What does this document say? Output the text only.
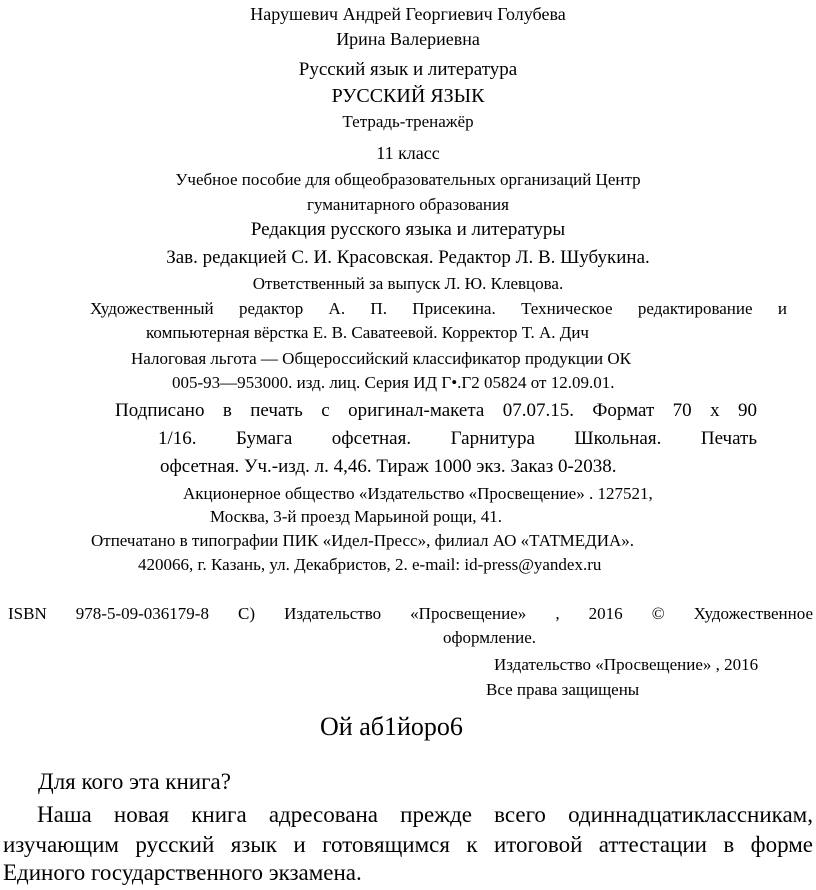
Нарушевич Андрей Георгиевич Голубева
Ирина Валериевна
Русский язык и литература
РУССКИЙ ЯЗЫК
Тетрадь-тренажёр
11 класс
Учебное пособие для общеобразовательных организаций Центр
гуманитарного образования
Редакция русского языка и литературы
Зав. редакцией С. И. Красовская. Редактор Л. В. Шубукина.
Ответственный за выпуск Л. Ю. Клевцова.
Художественный редактор А. П. Присекина. Техническое редактирование и
компьютерная вёрстка Е. В. Саватеевой. Корректор Т. А. Дич
Налоговая льгота — Общероссийский классификатор продукции ОК
005-93—953000. изд. лиц. Серия ИД Г•.Г2 05824 от 12.09.01.
Подписано в печать с оригинал-макета 07.07.15. Формат 70 х 90
1/16. Бумага офсетная. Гарнитура Школьная. Печать
офсетная. Уч.-изд. л. 4,46. Тираж 1000 экз. Заказ 0-2038.
Акционерное общество «Издательство «Просвещение» . 127521,
Москва, 3-й проезд Марьиной рощи, 41.
Отпечатано в типографии ПИК «Идел-Пресс», филиал АО «ТАТМЕДИА».
420066, г. Казань, ул. Декабристов, 2. e-mail: id-press@yandex.ru
ISBN 978-5-09-036179-8 С) Издательство «Просвещение» , 2016 © Художественное
оформление.
Издательство «Просвещение» , 2016
Все права защищены
Ой аб1йоро6
Для кого эта книга?
Наша новая книга адресована прежде всего одиннадцатиклассникам,
изучающим русский язык и готовящимся к итоговой аттестации в форме
Единого государственного экзамена.
